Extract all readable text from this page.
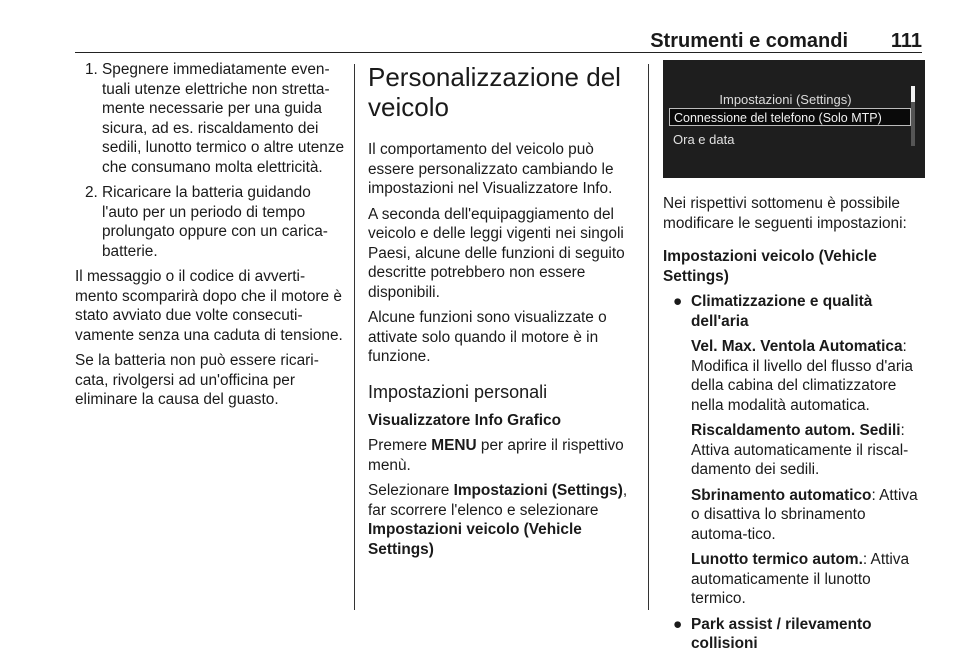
Strumenti e comandi 111
1. Spegnere immediatamente even-tuali utenze elettriche non stretta-mente necessarie per una guida sicura, ad es. riscaldamento dei sedili, lunotto termico o altre utenze che consumano molta elettricità.
2. Ricaricare la batteria guidando l'auto per un periodo di tempo prolungato oppure con un carica-batterie.

Il messaggio o il codice di avverti-mento scomparirà dopo che il motore è stato avviato due volte consecuti-vamente senza una caduta di tensione.

Se la batteria non può essere ricari-cata, rivolgersi ad un'officina per eliminare la causa del guasto.

Personalizzazione del veicolo

Il comportamento del veicolo può essere personalizzato cambiando le impostazioni nel Visualizzatore Info.

A seconda dell'equipaggiamento del veicolo e delle leggi vigenti nei singoli Paesi, alcune delle funzioni di seguito descritte potrebbero non essere disponibili.

Alcune funzioni sono visualizzate o attivate solo quando il motore è in funzione.

Impostazioni personali

Visualizzatore Info Grafico

Premere MENU per aprire il rispettivo menù.

Selezionare Impostazioni (Settings), far scorrere l'elenco e selezionare Impostazioni veicolo (Vehicle Settings)

Impostazioni (Settings)
Connessione del telefono (Solo MTP)
Ora e data

Nei rispettivi sottomenu è possibile modificare le seguenti impostazioni:

Impostazioni veicolo (Vehicle Settings)

● Climatizzazione e qualità dell'aria

Vel. Max. Ventola Automatica: Modifica il livello del flusso d'aria della cabina del climatizzatore nella modalità automatica.

Riscaldamento autom. Sedili: Attiva automaticamente il riscal-damento dei sedili.

Sbrinamento automatico: Attiva o disattiva lo sbrinamento automa-tico.

Lunotto termico autom.: Attiva automaticamente il lunotto termico.

● Park assist / rilevamento collisioni
